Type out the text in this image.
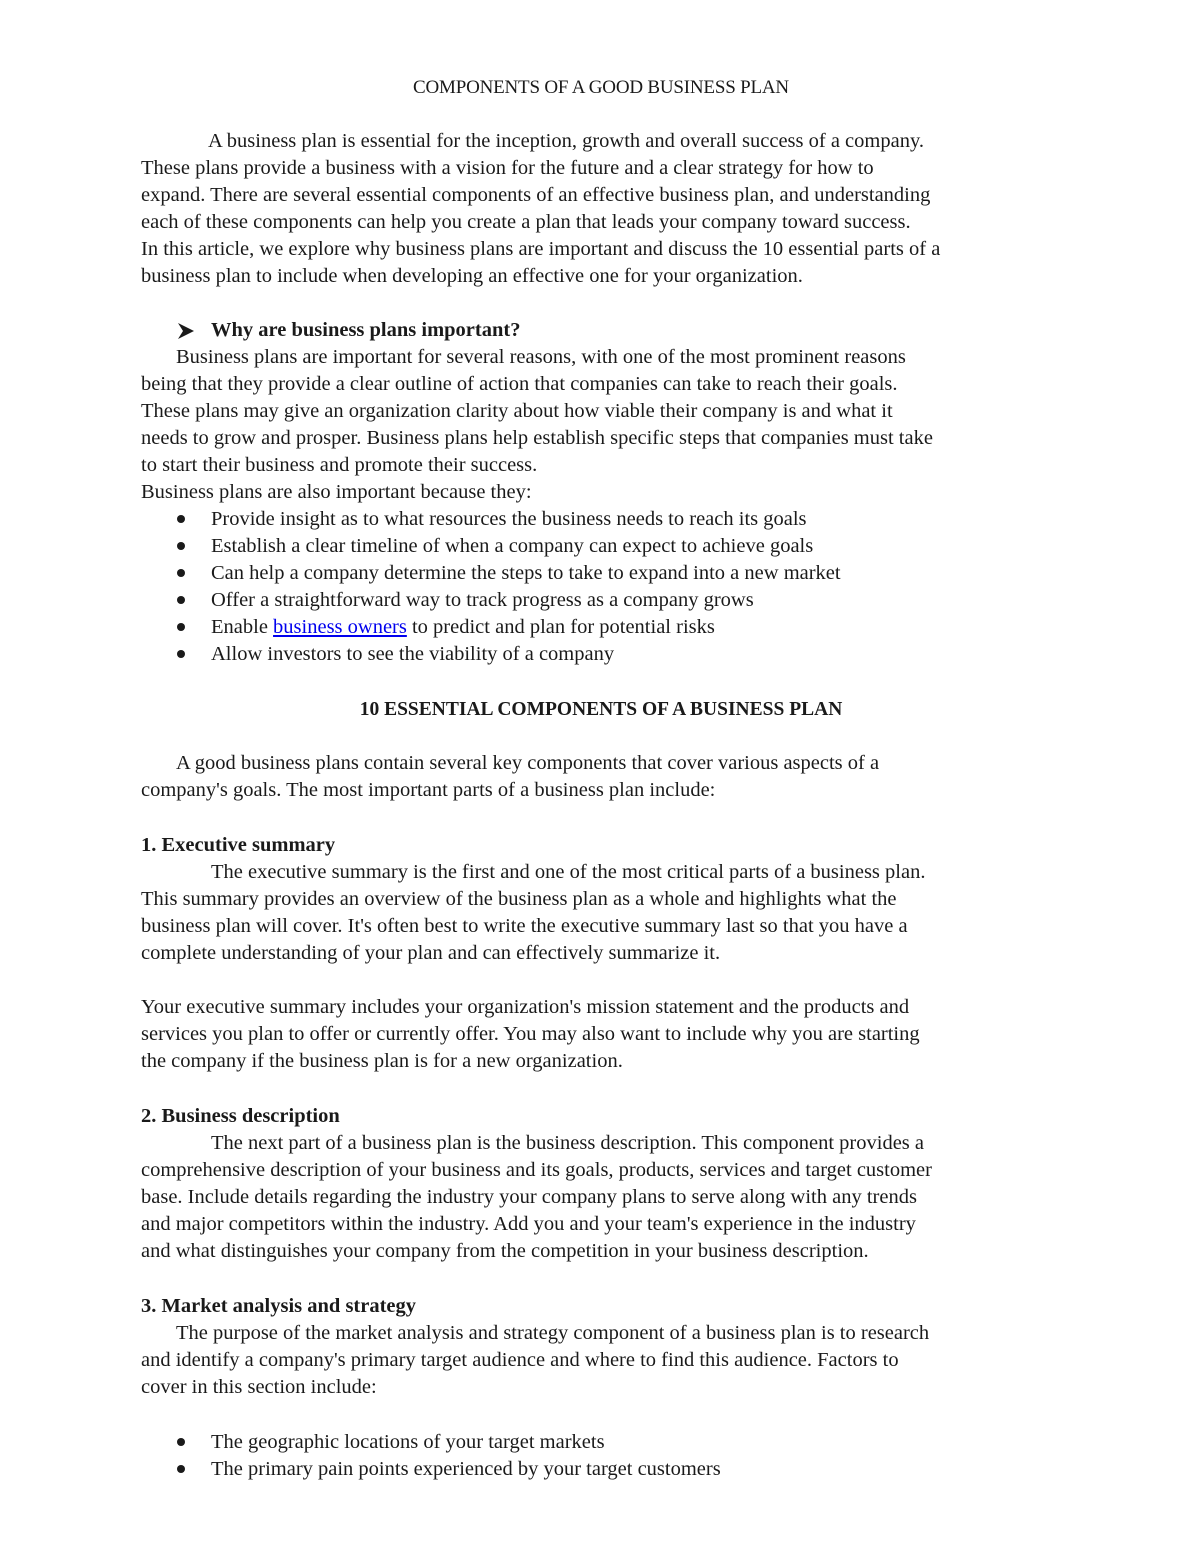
COMPONENTS OF A GOOD BUSINESS PLAN
A business plan is essential for the inception, growth and overall success of a company.
These plans provide a business with a vision for the future and a clear strategy for how to
expand. There are several essential components of an effective business plan, and understanding
each of these components can help you create a plan that leads your company toward success.
In this article, we explore why business plans are important and discuss the 10 essential parts of a
business plan to include when developing an effective one for your organization.
Why are business plans important?
Business plans are important for several reasons, with one of the most prominent reasons
being that they provide a clear outline of action that companies can take to reach their goals.
These plans may give an organization clarity about how viable their company is and what it
needs to grow and prosper. Business plans help establish specific steps that companies must take
to start their business and promote their success.
Business plans are also important because they:
Provide insight as to what resources the business needs to reach its goals
Establish a clear timeline of when a company can expect to achieve goals
Can help a company determine the steps to take to expand into a new market
Offer a straightforward way to track progress as a company grows
Enable business owners to predict and plan for potential risks
Allow investors to see the viability of a company
10 ESSENTIAL COMPONENTS OF A BUSINESS PLAN
A good business plans contain several key components that cover various aspects of a
company's goals. The most important parts of a business plan include:
1. Executive summary
The executive summary is the first and one of the most critical parts of a business plan.
This summary provides an overview of the business plan as a whole and highlights what the
business plan will cover. It's often best to write the executive summary last so that you have a
complete understanding of your plan and can effectively summarize it.
Your executive summary includes your organization's mission statement and the products and
services you plan to offer or currently offer. You may also want to include why you are starting
the company if the business plan is for a new organization.
2. Business description
The next part of a business plan is the business description. This component provides a
comprehensive description of your business and its goals, products, services and target customer
base. Include details regarding the industry your company plans to serve along with any trends
and major competitors within the industry. Add you and your team's experience in the industry
and what distinguishes your company from the competition in your business description.
3. Market analysis and strategy
The purpose of the market analysis and strategy component of a business plan is to research
and identify a company's primary target audience and where to find this audience. Factors to
cover in this section include:
The geographic locations of your target markets
The primary pain points experienced by your target customers
